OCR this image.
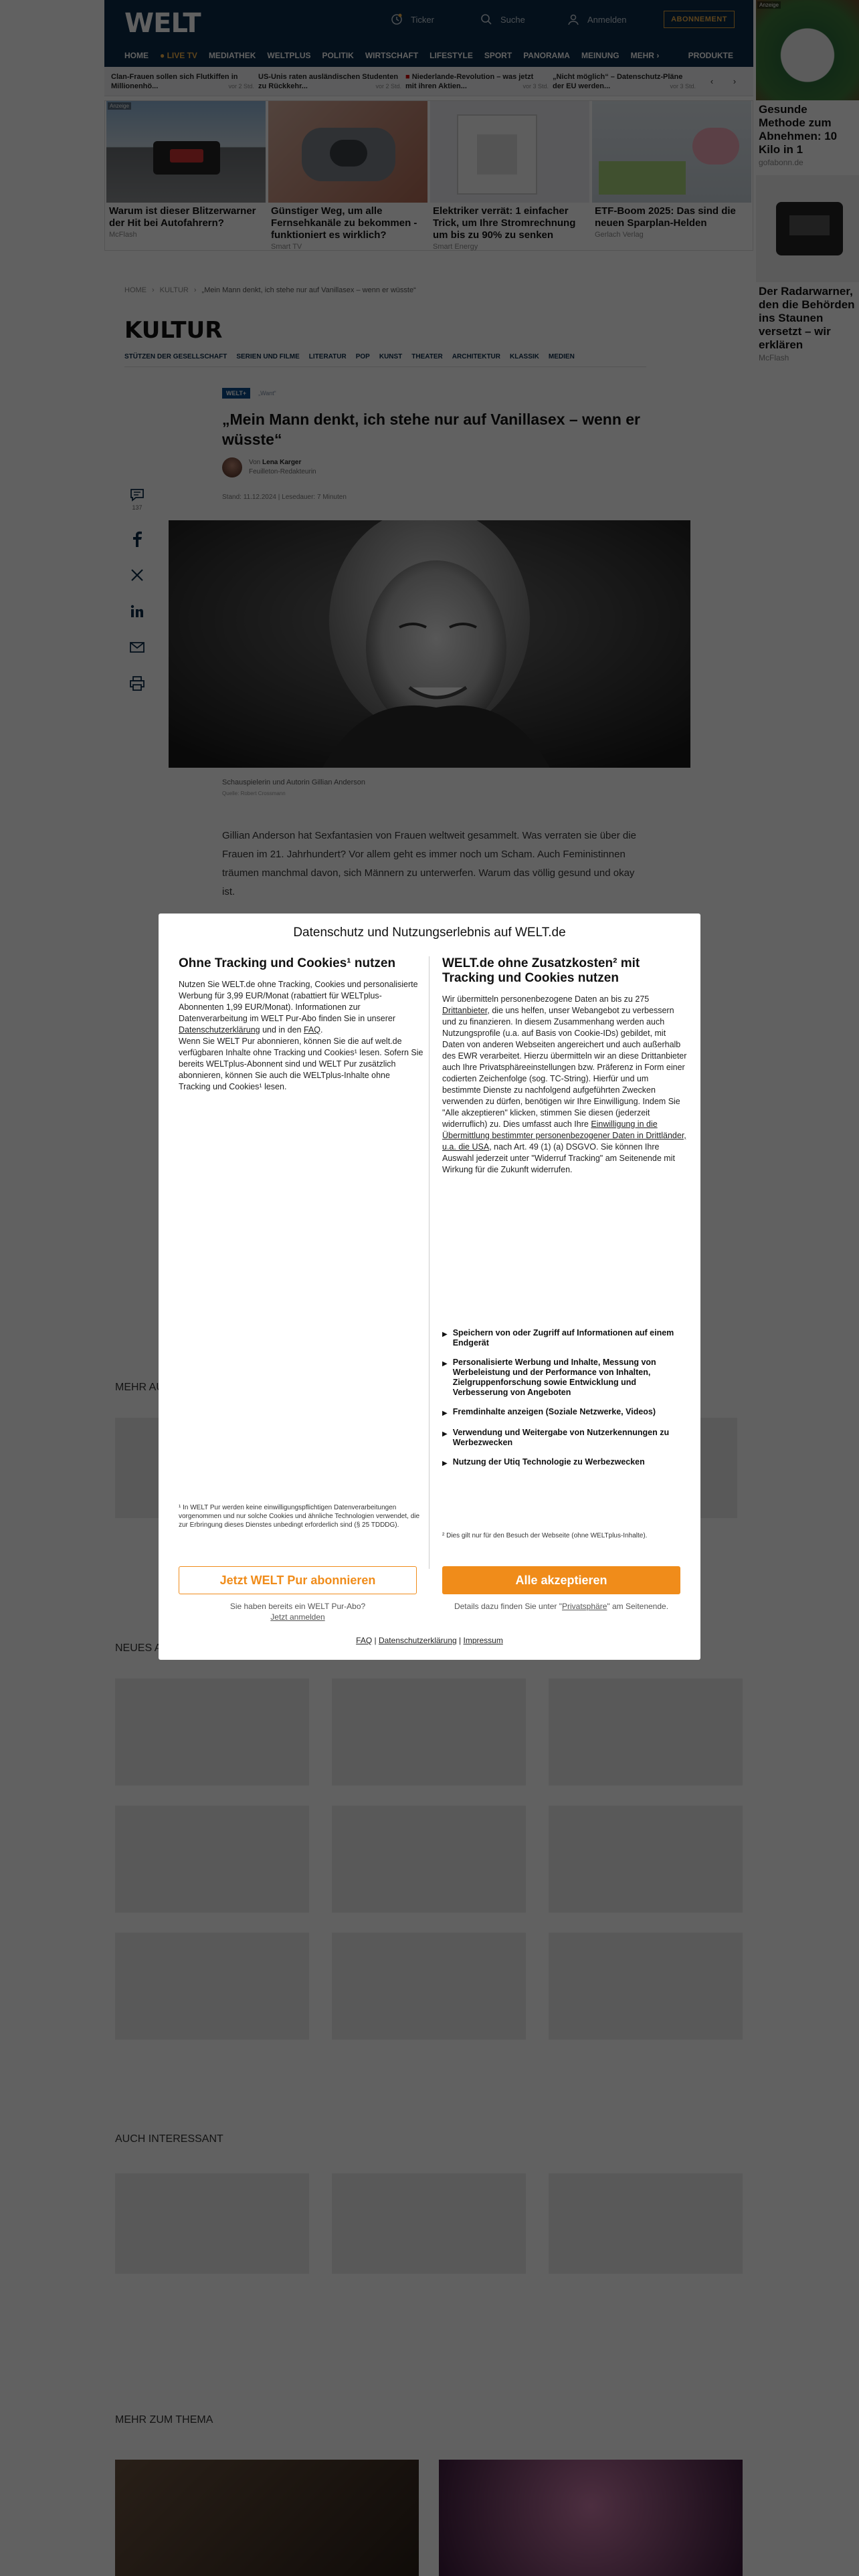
Datenschutz und Nutzungserlebnis auf WELT.de
Ohne Tracking und Cookies¹ nutzen

Nutzen Sie WELT.de ohne Tracking, Cookies und personalisierte Werbung für 3,99 EUR/Monat (rabattiert für WELTplus-Abonnenten 1,99 EUR/Monat). Informationen zur Datenverarbeitung im WELT Pur-Abo finden Sie in unserer Datenschutzerklärung und in den FAQ.

Wenn Sie WELT Pur abonnieren, können Sie die auf welt.de verfügbaren Inhalte ohne Tracking und Cookies¹ lesen. Sofern Sie bereits WELTplus-Abonnent sind und WELT Pur zusätzlich abonnieren, können Sie auch die WELTplus-Inhalte ohne Tracking und Cookies¹ lesen.

¹ In WELT Pur werden keine einwilligungspflichtigen Datenverarbeitungen vorgenommen und nur solche Cookies und ähnliche Technologien verwendet, die zur Erbringung dieses Dienstes unbedingt erforderlich sind (§ 25 TDDDG).
WELT.de ohne Zusatzkosten² mit Tracking und Cookies nutzen

Wir übermitteln personenbezogene Daten an bis zu 275 Drittanbieter, die uns helfen, unser Webangebot zu verbessern und zu finanzieren. In diesem Zusammenhang werden auch Nutzungsprofile (u.a. auf Basis von Cookie-IDs) gebildet, mit Daten von anderen Webseiten angereichert und auch außerhalb des EWR verarbeitet. Hierzu übermitteln wir an diese Drittanbieter auch Ihre Privatsphäreeinstellungen bzw. Präferenz in Form einer codierten Zeichenfolge (sog. TC-String). Hierfür und um bestimmte Dienste zu nachfolgend aufgeführten Zwecken verwenden zu dürfen, benötigen wir Ihre Einwilligung. Indem Sie "Alle akzeptieren" klicken, stimmen Sie diesen (jederzeit widerruflich) zu. Dies umfasst auch Ihre Einwilligung in die Übermittlung bestimmter personenbezogener Daten in Drittländer, u.a. die USA, nach Art. 49 (1) (a) DSGVO. Sie können Ihre Auswahl jederzeit unter "Widerruf Tracking" am Seitenende mit Wirkung für die Zukunft widerrufen.

▶ Speichern von oder Zugriff auf Informationen auf einem Endgerät
▶ Personalisierte Werbung und Inhalte, Messung von Werbeleistung und der Performance von Inhalten, Zielgruppenforschung sowie Entwicklung und Verbesserung von Angeboten
▶ Fremdinhalte anzeigen (Soziale Netzwerke, Videos)
▶ Verwendung und Weitergabe von Nutzerkennungen zu Werbezwecken
▶ Nutzung der Utiq Technologie zu Werbezwecken
² Dies gilt nur für den Besuch der Webseite (ohne WELTplus-Inhalte).
Jetzt WELT Pur abonnieren	Alle akzeptieren
Sie haben bereits ein WELT Pur-Abo?
Jetzt anmelden
Details dazu finden Sie unter "Privatsphäre" am Seitenende.
FAQ | Datenschutzerklärung | Impressum
